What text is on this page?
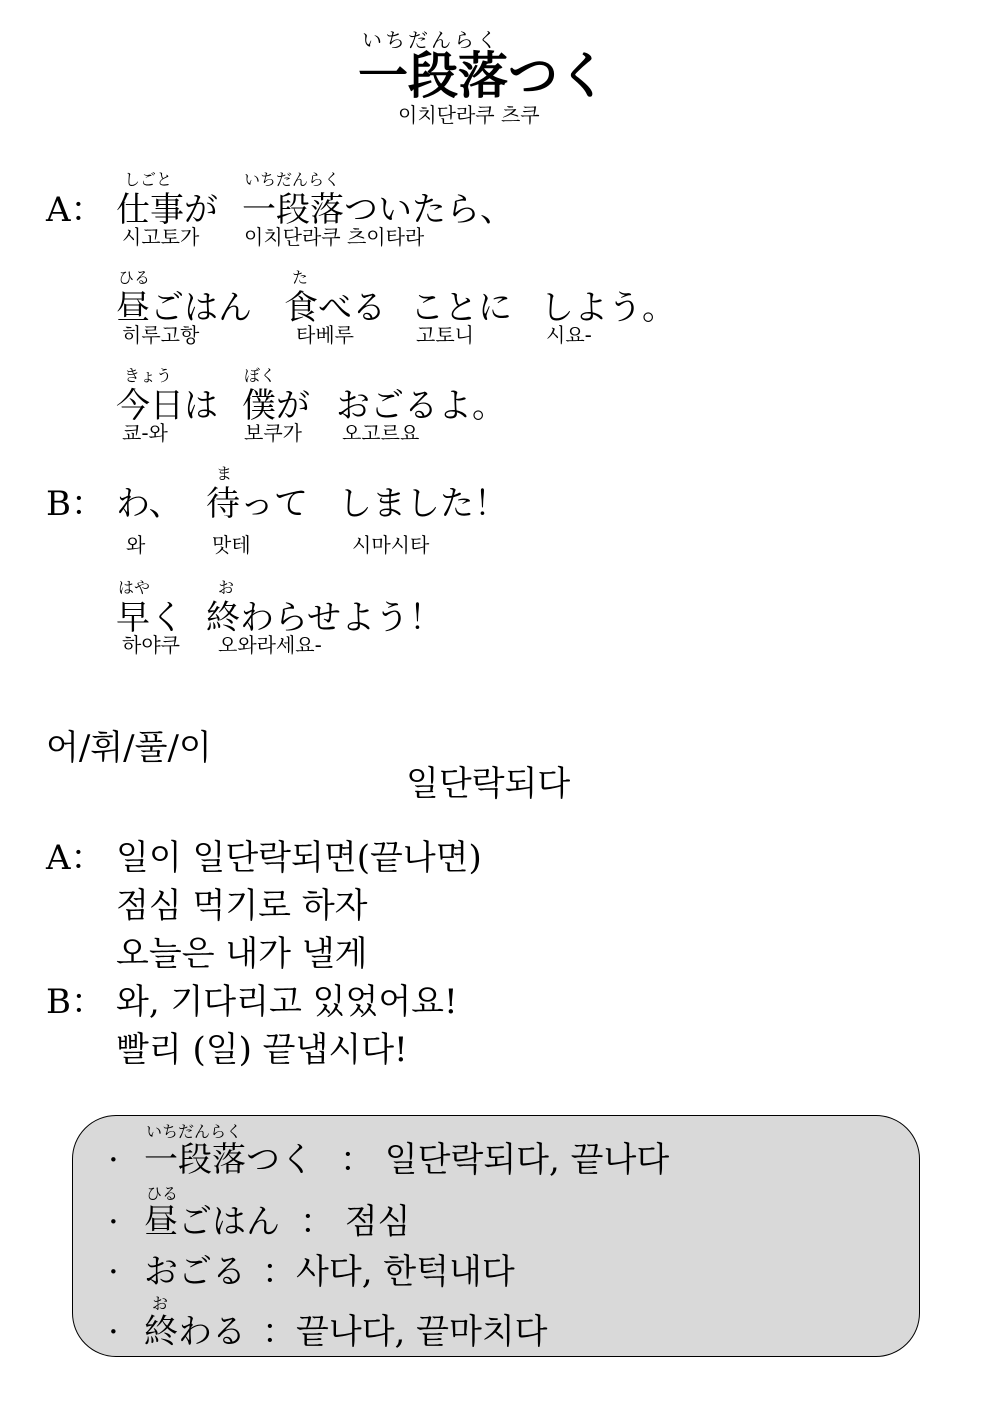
いちだんらく
一段落つく
이치단라쿠 츠쿠
A：
しごと
仕事が
시고토가
いちだんらく
一段落ついたら、
이치단라쿠 츠이타라
ひる
昼ごはん
히루고항
た
食べる
타베루
ことに
고토니
しよう。
시요-
きょう
今日は
쿄-와
ぼく
僕が
보쿠가
おごるよ。
오고르요
B： わ、
와
ま
待って
맛테
しました！
시마시타
はや
早く
하야쿠
お
終わらせよう！
오와라세요-
어/휘/풀/이
일단락되다
A： 일이 일단락되면(끝나면)
점심 먹기로 하자
오늘은 내가 낼게
B： 와, 기다리고 있었어요!
빨리 (일) 끝냅시다!
いちだんらく
· 一段落つく ： 일단락되다, 끝나다
ひる
· 昼ごはん ： 점심
· おごる ：사다, 한턱내다
お
· 終わる ：끝나다, 끝마치다
